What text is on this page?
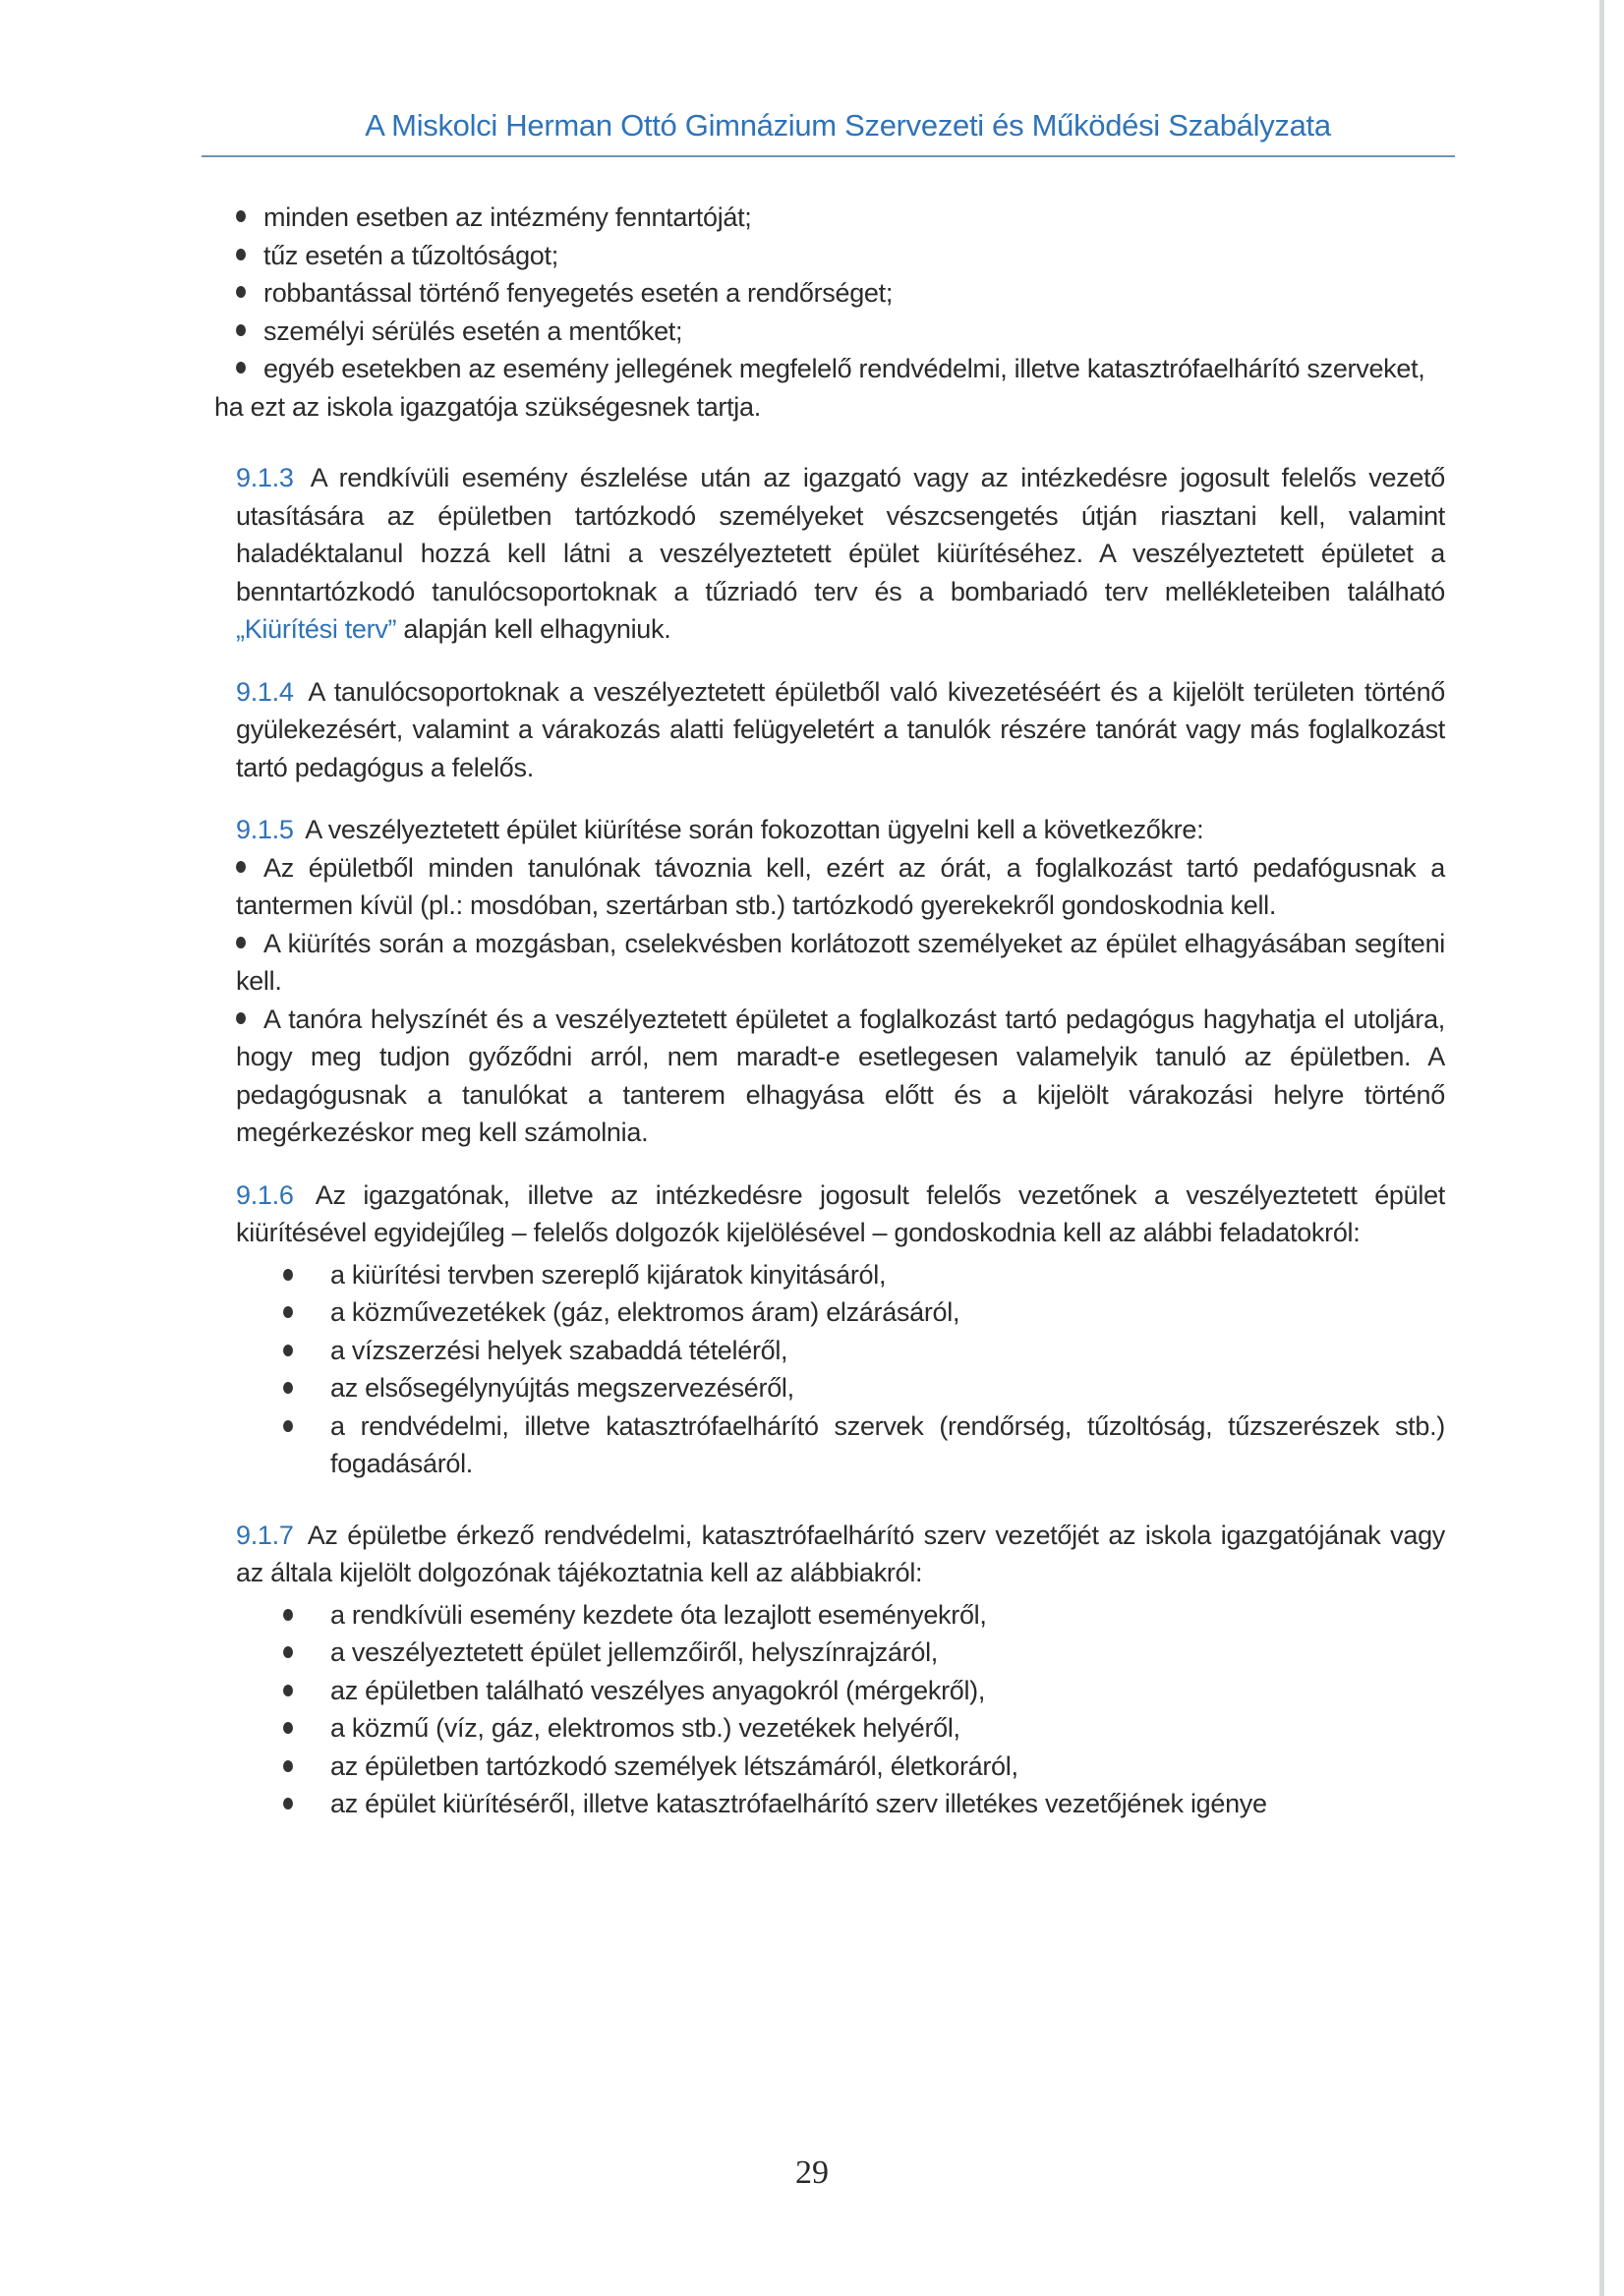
A Miskolci Herman Ottó Gimnázium Szervezeti és Működési Szabályzata
minden esetben az intézmény fenntartóját;
tűz esetén a tűzoltóságot;
robbantással történő fenyegetés esetén a rendőrséget;
személyi sérülés esetén a mentőket;
egyéb esetekben az esemény jellegének megfelelő rendvédelmi, illetve katasztrófaelhárító szerveket, ha ezt az iskola igazgatója szükségesnek tartja.
9.1.3 A rendkívüli esemény észlelése után az igazgató vagy az intézkedésre jogosult felelős vezető utasítására az épületben tartózkodó személyeket vészcsengetés útján riasztani kell, valamint haladéktalanul hozzá kell látni a veszélyeztetett épület kiürítéséhez. A veszélyeztetett épületet a benntartózkodó tanulócsoportoknak a tűzriadó terv és a bombariadó terv mellékleteiben található „Kiürítési terv” alapján kell elhagyniuk.
9.1.4 A tanulócsoportoknak a veszélyeztetett épületből való kivezetéséért és a kijelölt területen történő gyülekezésért, valamint a várakozás alatti felügyeletért a tanulók részére tanórát vagy más foglalkozást tartó pedagógus a felelős.
9.1.5 A veszélyeztetett épület kiürítése során fokozottan ügyelni kell a következőkre:
Az épületből minden tanulónak távoznia kell, ezért az órát, a foglalkozást tartó pedafógusnak a tantermen kívül (pl.: mosdóban, szertárban stb.) tartózkodó gyerekekről gondoskodnia kell.
A kiürítés során a mozgásban, cselekvésben korlátozott személyeket az épület elhagyásában segíteni kell.
A tanóra helyszínét és a veszélyeztetett épületet a foglalkozást tartó pedagógus hagyhatja el utoljára, hogy meg tudjon győződni arról, nem maradt-e esetlegesen valamelyik tanuló az épületben. A pedagógusnak a tanulókat a tanterem elhagyása előtt és a kijelölt várakozási helyre történő megérkezéskor meg kell számolnia.
9.1.6 Az igazgatónak, illetve az intézkedésre jogosult felelős vezetőnek a veszélyeztetett épület kiürítésével egyidejűleg – felelős dolgozók kijelölésével – gondoskodnia kell az alábbi feladatokról:
a kiürítési tervben szereplő kijáratok kinyitásáról,
a közművezetékek (gáz, elektromos áram) elzárásáról,
a vízszerzési helyek szabaddá tételéről,
az elsősegélynyújtás megszervezéséről,
a rendvédelmi, illetve katasztrófaelhárító szervek (rendőrség, tűzoltóság, tűzszerészek stb.) fogadásáról.
9.1.7 Az épületbe érkező rendvédelmi, katasztrófaelhárító szerv vezetőjét az iskola igazgatójának vagy az általa kijelölt dolgozónak tájékoztatnia kell az alábbiakról:
a rendkívüli esemény kezdete óta lezajlott eseményekről,
a veszélyeztetett épület jellemzőiről, helyszínrajzáról,
az épületben található veszélyes anyagokról (mérgekről),
a közmű (víz, gáz, elektromos stb.) vezetékek helyéről,
az épületben tartózkodó személyek létszámáról, életkoráról,
az épület kiürítéséről, illetve katasztrófaelhárító szerv illetékes vezetőjének igénye
29
